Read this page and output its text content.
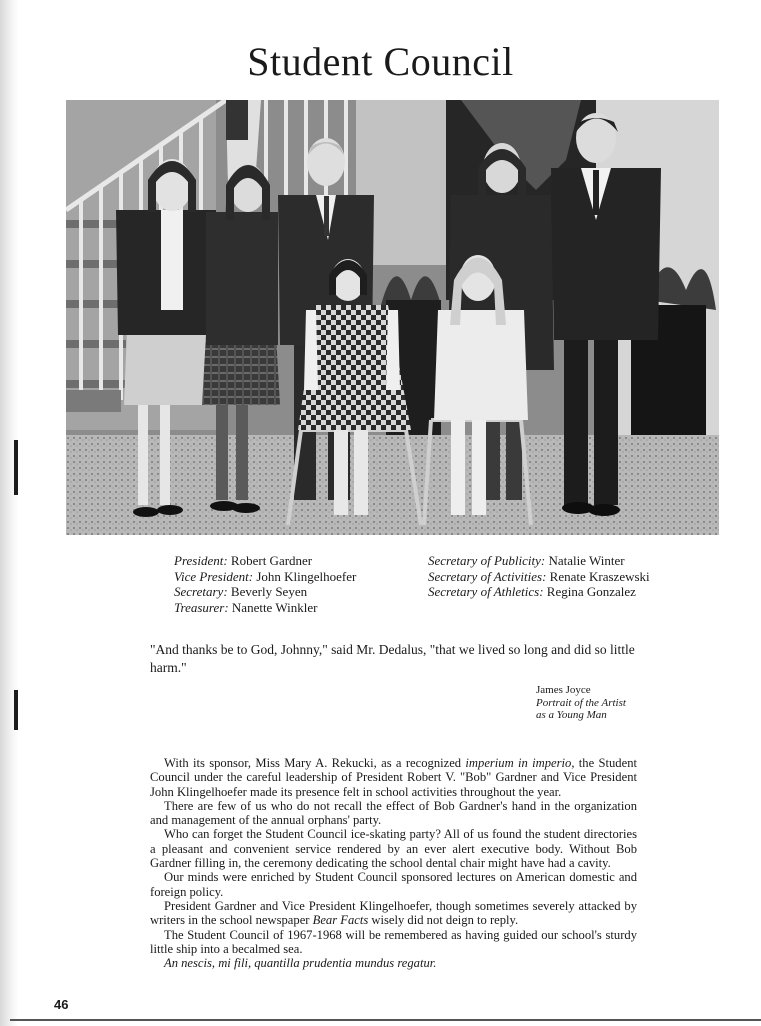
Student Council
President: Robert Gardner
Vice President: John Klingelhoefer
Secretary: Beverly Seyen
Treasurer: Nanette Winkler
Secretary of Publicity: Natalie Winter
Secretary of Activities: Renate Kraszewski
Secretary of Athletics: Regina Gonzalez

"And thanks be to God, Johnny," said Mr. Dedalus, "that we lived so long and did so little harm."

James Joyce
Portrait of the Artist
as a Young Man

With its sponsor, Miss Mary A. Rekucki, as a recognized imperium in imperio, the Student Council under the careful leadership of President Robert V. "Bob" Gardner and Vice President John Klingelhoefer made its presence felt in school activities throughout the year.

There are few of us who do not recall the effect of Bob Gardner's hand in the organization and management of the annual orphans' party.

Who can forget the Student Council ice-skating party? All of us found the student directories a pleasant and convenient service rendered by an ever alert executive body. Without Bob Gardner filling in, the ceremony dedicating the school dental chair might have had a cavity.

Our minds were enriched by Student Council sponsored lectures on American domestic and foreign policy.

President Gardner and Vice President Klingelhoefer, though sometimes severely attacked by writers in the school newspaper Bear Facts wisely did not deign to reply.

The Student Council of 1967-1968 will be remembered as having guided our school's sturdy little ship into a becalmed sea.

An nescis, mi fili, quantilla prudentia mundus regatur.

46
